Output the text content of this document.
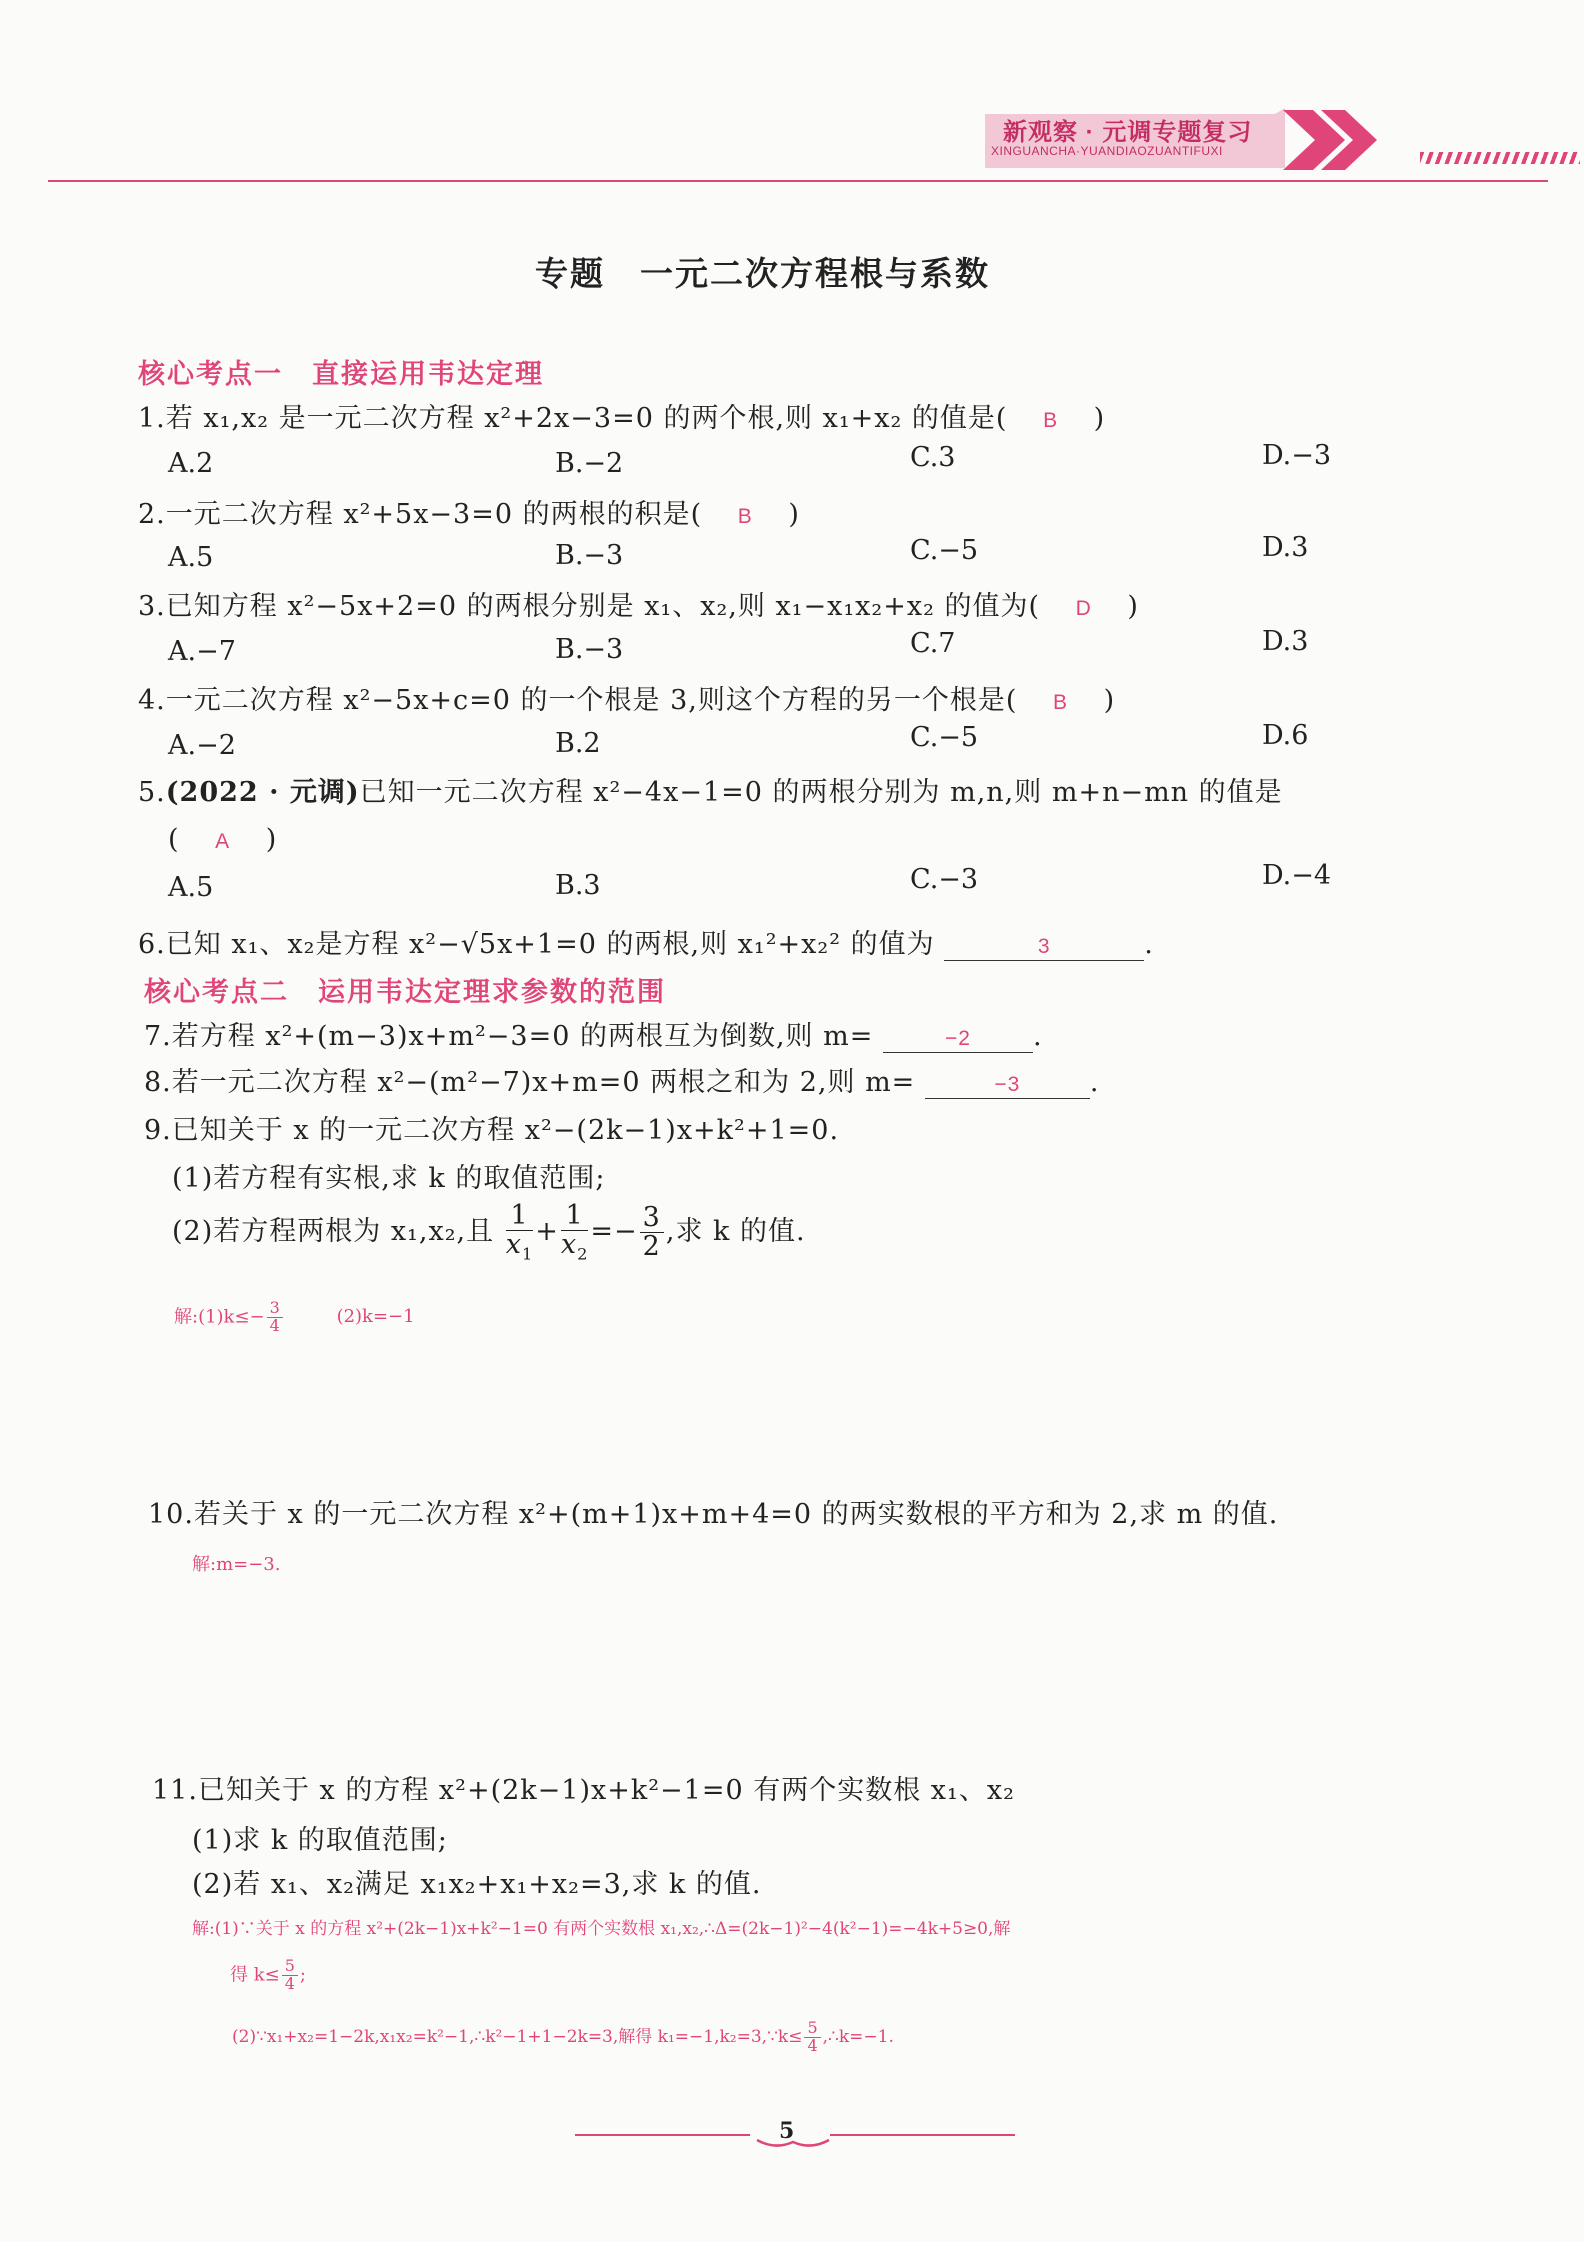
新观察 · 元调专题复习
XINGUANCHA·YUANDIAOZUANTIFUXI
专题　一元二次方程根与系数
核心考点一　直接运用韦达定理
1.若 x₁,x₂ 是一元二次方程 x²+2x−3=0 的两个根,则 x₁+x₂ 的值是( B )
A.2	B.−2	C.3	D.−3
2.一元二次方程 x²+5x−3=0 的两根的积是( B )
A.5	B.−3	C.−5	D.3
3.已知方程 x²−5x+2=0 的两根分别是 x₁、x₂,则 x₁−x₁x₂+x₂ 的值为( D )
A.−7	B.−3	C.7	D.3
4.一元二次方程 x²−5x+c=0 的一个根是 3,则这个方程的另一个根是( B )
A.−2	B.2	C.−5	D.6
5.(2022 · 元调)已知一元二次方程 x²−4x−1=0 的两根分别为 m,n,则 m+n−mn 的值是
( A )
A.5	B.3	C.−3	D.−4
6.已知 x₁、x₂是方程 x²−√5x+1=0 的两根,则 x₁²+x₂² 的值为	3	.
核心考点二　运用韦达定理求参数的范围
7.若方程 x²+(m−3)x+m²−3=0 的两根互为倒数,则 m=	−2 .
8.若一元二次方程 x²−(m²−7)x+m=0 两根之和为 2,则 m=	−3	.
9.已知关于 x 的一元二次方程 x²−(2k−1)x+k²+1=0.
(1)若方程有实根,求 k 的取值范围;
(2)若方程两根为 x₁,x₂,且 $\frac{1}{x_1} + \frac{1}{x_2} =- \frac{3}{2}$ ,求 k 的值.
解:(1)k≤− $\frac{3}{4}$	(2)k=−1
10.若关于 x 的一元二次方程 x²+(m+1)x+m+4=0 的两实数根的平方和为 2,求 m 的值.
解:m=−3.
11.已知关于 x 的方程 x²+(2k−1)x+k²−1=0 有两个实数根 x₁、x₂
(1)求 k 的取值范围;
(2)若 x₁、x₂满足 x₁x₂+x₁+x₂=3,求 k 的值.
解:(1)∵关于 x 的方程 x²+(2k−1)x+k²−1=0 有两个实数根 x₁,x₂,∴Δ=(2k−1)²−4(k²−1)=−4k+5≥0,解
得 $k\le \frac{5}{4}$ ;
(2)∵x₁+x₂=1−2k,x₁x₂=k²−1,∴k²−1+1−2k=3,解得 k₁=−1,k₂=3,∵k≤ $\frac{5}{4}$ ,∴k=−1.
5
